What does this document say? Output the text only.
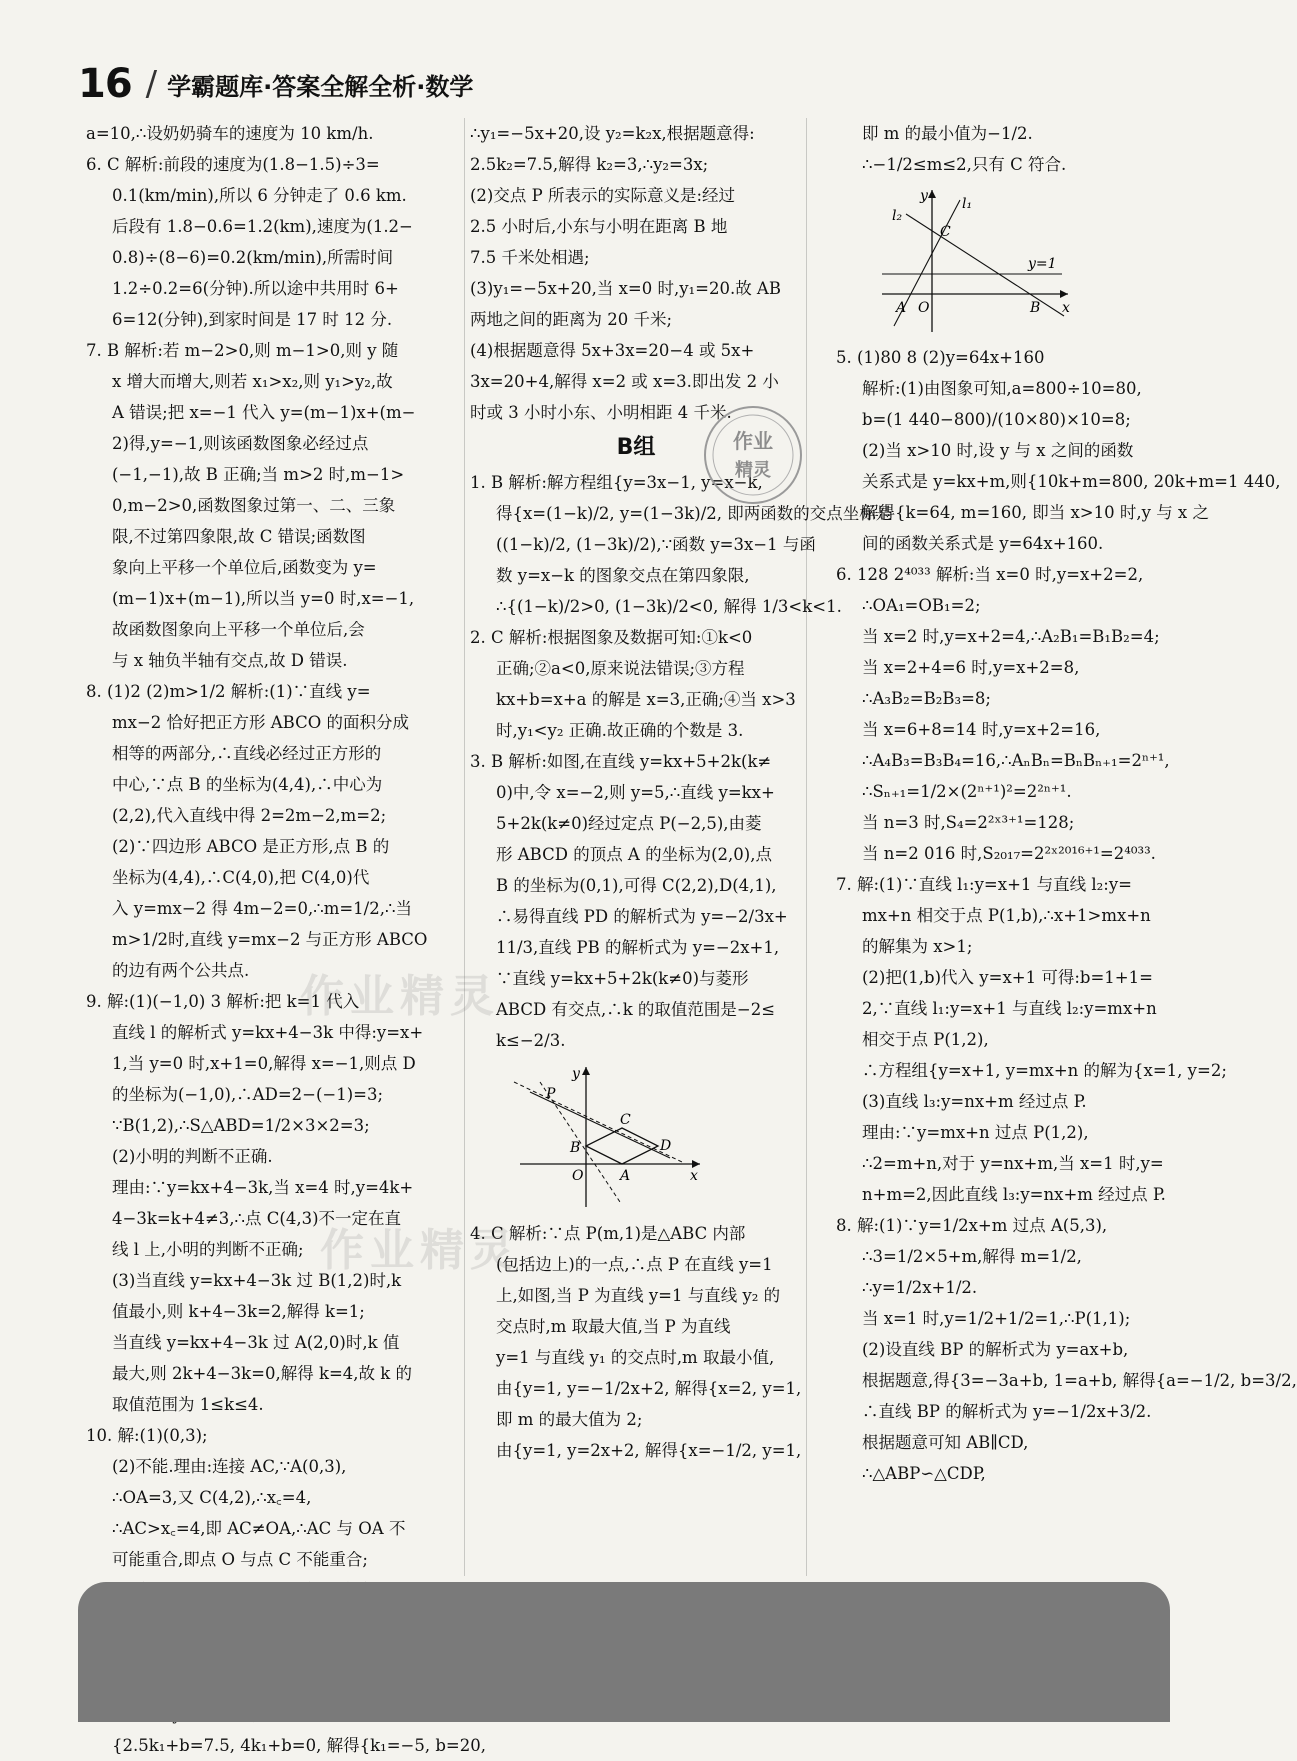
16 / 学霸题库·答案全解全析·数学
a=10,∴设奶奶骑车的速度为 10 km/h.
6. C 解析:前段的速度为(1.8−1.5)÷3=
0.1(km/min),所以 6 分钟走了 0.6 km.
后段有 1.8−0.6=1.2(km),速度为(1.2−
0.8)÷(8−6)=0.2(km/min),所需时间
1.2÷0.2=6(分钟).所以途中共用时 6+
6=12(分钟),到家时间是 17 时 12 分.
7. B 解析:若 m−2>0,则 m−1>0,则 y 随
x 增大而增大,则若 x₁>x₂,则 y₁>y₂,故
A 错误;把 x=−1 代入 y=(m−1)x+(m−
2)得,y=−1,则该函数图象必经过点
(−1,−1),故 B 正确;当 m>2 时,m−1>
0,m−2>0,函数图象过第一、二、三象
限,不过第四象限,故 C 错误;函数图
象向上平移一个单位后,函数变为 y=
(m−1)x+(m−1),所以当 y=0 时,x=−1,
故函数图象向上平移一个单位后,会
与 x 轴负半轴有交点,故 D 错误.
8. (1)2 (2)m>1/2 解析:(1)∵直线 y=
mx−2 恰好把正方形 ABCO 的面积分成
相等的两部分,∴直线必经过正方形的
中心,∵点 B 的坐标为(4,4),∴中心为
(2,2),代入直线中得 2=2m−2,m=2;
(2)∵四边形 ABCO 是正方形,点 B 的
坐标为(4,4),∴C(4,0),把 C(4,0)代
入 y=mx−2 得 4m−2=0,∴m=1/2,∴当
m>1/2时,直线 y=mx−2 与正方形 ABCO
的边有两个公共点.
9. 解:(1)(−1,0) 3 解析:把 k=1 代入
直线 l 的解析式 y=kx+4−3k 中得:y=x+
1,当 y=0 时,x+1=0,解得 x=−1,则点 D
的坐标为(−1,0),∴AD=2−(−1)=3;
∵B(1,2),∴S△ABD=1/2×3×2=3;
(2)小明的判断不正确.
理由:∵y=kx+4−3k,当 x=4 时,y=4k+
4−3k=k+4≠3,∴点 C(4,3)不一定在直
线 l 上,小明的判断不正确;
(3)当直线 y=kx+4−3k 过 B(1,2)时,k
值最小,则 k+4−3k=2,解得 k=1;
当直线 y=kx+4−3k 过 A(2,0)时,k 值
最大,则 2k+4−3k=0,解得 k=4,故 k 的
取值范围为 1≤k≤4.
10. 解:(1)(0,3);
(2)不能.理由:连接 AC,∵A(0,3),
∴OA=3,又 C(4,2),∴x꜀=4,
∴AC>x꜀=4,即 AC≠OA,∴AC 与 OA 不
可能重合,即点 O 与点 C 不能重合;
{2.5k₁+b=7.5, 4k₁+b=0, 解得{k₁=−5, b=20,
∴y₁=−5x+20,设 y₂=k₂x,根据题意得:
2.5k₂=7.5,解得 k₂=3,∴y₂=3x;
(2)交点 P 所表示的实际意义是:经过
2.5 小时后,小东与小明在距离 B 地
7.5 千米处相遇;
(3)y₁=−5x+20,当 x=0 时,y₁=20.故 AB
两地之间的距离为 20 千米;
(4)根据题意得 5x+3x=20−4 或 5x+
3x=20+4,解得 x=2 或 x=3.即出发 2 小
时或 3 小时小东、小明相距 4 千米.
B组
1. B 解析:解方程组{y=3x−1, y=x−k,
得{x=(1−k)/2, y=(1−3k)/2, 即两函数的交点坐标是
((1−k)/2, (1−3k)/2),∵函数 y=3x−1 与函
数 y=x−k 的图象交点在第四象限,
∴{(1−k)/2>0, (1−3k)/2<0, 解得 1/3<k<1.
2. C 解析:根据图象及数据可知:①k<0
正确;②a<0,原来说法错误;③方程
kx+b=x+a 的解是 x=3,正确;④当 x>3
时,y₁<y₂ 正确.故正确的个数是 3.
3. B 解析:如图,在直线 y=kx+5+2k(k≠
0)中,令 x=−2,则 y=5,∴直线 y=kx+
5+2k(k≠0)经过定点 P(−2,5),由菱
形 ABCD 的顶点 A 的坐标为(2,0),点
B 的坐标为(0,1),可得 C(2,2),D(4,1),
∴易得直线 PD 的解析式为 y=−2/3x+
11/3,直线 PB 的解析式为 y=−2x+1,
∵直线 y=kx+5+2k(k≠0)与菱形
ABCD 有交点,∴k 的取值范围是−2≤
k≤−2/3.
y
P
C
B	D
O	A	x
4. C 解析:∵点 P(m,1)是△ABC 内部
(包括边上)的一点,∴点 P 在直线 y=1
上,如图,当 P 为直线 y=1 与直线 y₂ 的
交点时,m 取最大值,当 P 为直线
y=1 与直线 y₁ 的交点时,m 取最小值,
由{y=1, y=−1/2x+2, 解得{x=2, y=1,
即 m 的最大值为 2;
由{y=1, y=2x+2, 解得{x=−1/2, y=1,
即 m 的最小值为−1/2.
∴−1/2≤m≤2,只有 C 符合.
y l₁
l₂
C
y=1
A O	B x
5. (1)80 8 (2)y=64x+160
解析:(1)由图象可知,a=800÷10=80,
b=(1 440−800)/(10×80)×10=8;
(2)当 x>10 时,设 y 与 x 之间的函数
关系式是 y=kx+m,则{10k+m=800, 20k+m=1 440,
解得{k=64, m=160, 即当 x>10 时,y 与 x 之
间的函数关系式是 y=64x+160.
6. 128 2⁴⁰³³ 解析:当 x=0 时,y=x+2=2,
∴OA₁=OB₁=2;
当 x=2 时,y=x+2=4,∴A₂B₁=B₁B₂=4;
当 x=2+4=6 时,y=x+2=8,
∴A₃B₂=B₂B₃=8;
当 x=6+8=14 时,y=x+2=16,
∴A₄B₃=B₃B₄=16,∴AₙBₙ=BₙBₙ₊₁=2ⁿ⁺¹,
∴Sₙ₊₁=1/2×(2ⁿ⁺¹)²=2²ⁿ⁺¹.
当 n=3 时,S₄=2²ˣ³⁺¹=128;
当 n=2 016 时,S₂₀₁₇=2²ˣ²⁰¹⁶⁺¹=2⁴⁰³³.
7. 解:(1)∵直线 l₁:y=x+1 与直线 l₂:y=
mx+n 相交于点 P(1,b),∴x+1>mx+n
的解集为 x>1;
(2)把(1,b)代入 y=x+1 可得:b=1+1=
2,∵直线 l₁:y=x+1 与直线 l₂:y=mx+n
相交于点 P(1,2),
∴方程组{y=x+1, y=mx+n 的解为{x=1, y=2;
(3)直线 l₃:y=nx+m 经过点 P.
理由:∵y=mx+n 过点 P(1,2),
∴2=m+n,对于 y=nx+m,当 x=1 时,y=
n+m=2,因此直线 l₃:y=nx+m 经过点 P.
8. 解:(1)∵y=1/2x+m 过点 A(5,3),
∴3=1/2×5+m,解得 m=1/2,
∴y=1/2x+1/2.
当 x=1 时,y=1/2+1/2=1,∴P(1,1);
(2)设直线 BP 的解析式为 y=ax+b,
根据题意,得{3=−3a+b, 1=a+b, 解得{a=−1/2, b=3/2,
∴直线 BP 的解析式为 y=−1/2x+3/2.
根据题意可知 AB∥CD,
∴△ABP∽△CDP,
作业
精灵
作业精灵
作业精灵
